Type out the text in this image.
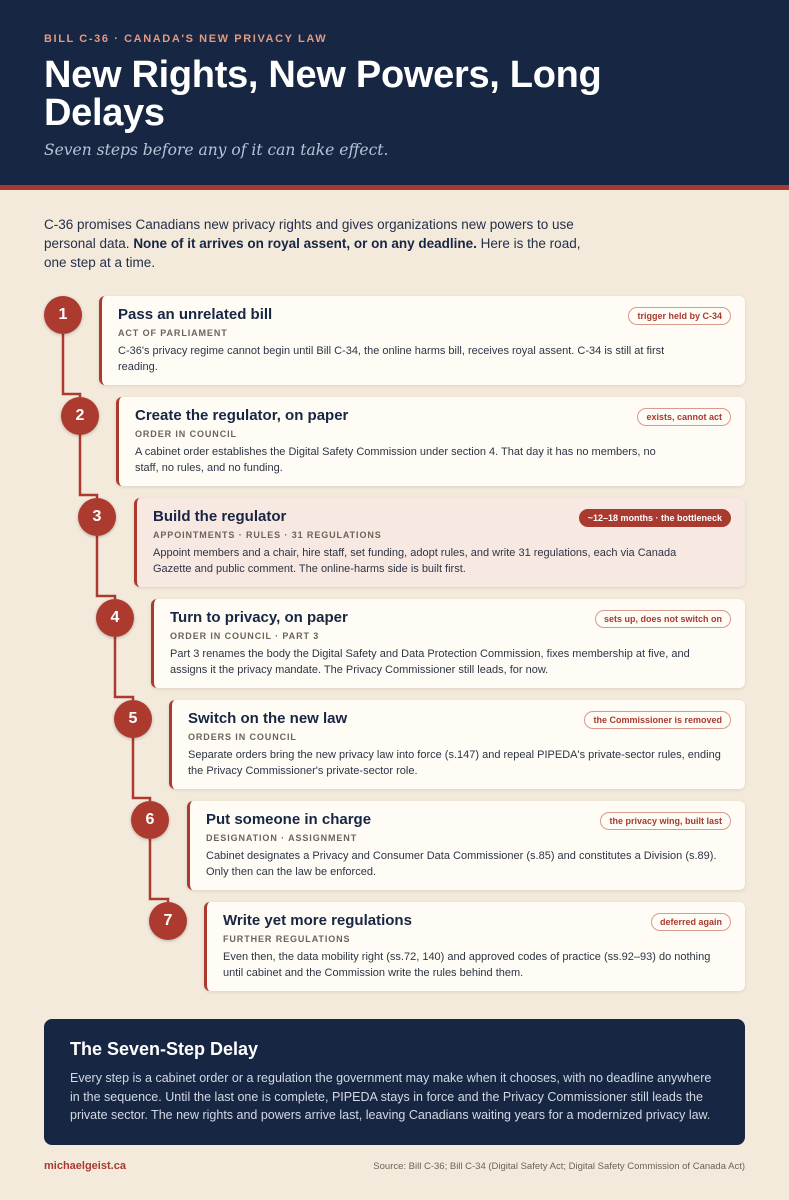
BILL C-36 · CANADA'S NEW PRIVACY LAW
New Rights, New Powers, Long Delays
Seven steps before any of it can take effect.

C-36 promises Canadians new privacy rights and gives organizations new powers to use personal data. None of it arrives on royal assent, or on any deadline. Here is the road, one step at a time.

1	Pass an unrelated bill
ACT OF PARLIAMENT
C-36's privacy regime cannot begin until Bill C-34, the online harms bill, receives royal assent. C-34 is still at first reading.
trigger held by C-34
2	Create the regulator, on paper
ORDER IN COUNCIL
A cabinet order establishes the Digital Safety Commission under section 4. That day it has no members, no staff, no rules, and no funding.
exists, cannot act
3	Build the regulator
APPOINTMENTS · RULES · 31 REGULATIONS
Appoint members and a chair, hire staff, set funding, adopt rules, and write 31 regulations, each via Canada Gazette and public comment. The online-harms side is built first.
~12–18 months · the bottleneck
4	Turn to privacy, on paper
ORDER IN COUNCIL · PART 3
Part 3 renames the body the Digital Safety and Data Protection Commission, fixes membership at five, and assigns it the privacy mandate. The Privacy Commissioner still leads, for now.
sets up, does not switch on
5	Switch on the new law
ORDERS IN COUNCIL
Separate orders bring the new privacy law into force (s.147) and repeal PIPEDA's private-sector rules, ending the Privacy Commissioner's private-sector role.
the Commissioner is removed
6	Put someone in charge
DESIGNATION · ASSIGNMENT
Cabinet designates a Privacy and Consumer Data Commissioner (s.85) and constitutes a Division (s.89). Only then can the law be enforced.
the privacy wing, built last
7	Write yet more regulations
FURTHER REGULATIONS
Even then, the data mobility right (ss.72, 140) and approved codes of practice (ss.92–93) do nothing until cabinet and the Commission write the rules behind them.
deferred again
The Seven-Step Delay
Every step is a cabinet order or a regulation the government may make when it chooses, with no deadline anywhere in the sequence. Until the last one is complete, PIPEDA stays in force and the Privacy Commissioner still leads the private sector. The new rights and powers arrive last, leaving Canadians waiting years for a modernized privacy law.
michaelgeist.ca	Source: Bill C-36; Bill C-34 (Digital Safety Act; Digital Safety Commission of Canada Act)
